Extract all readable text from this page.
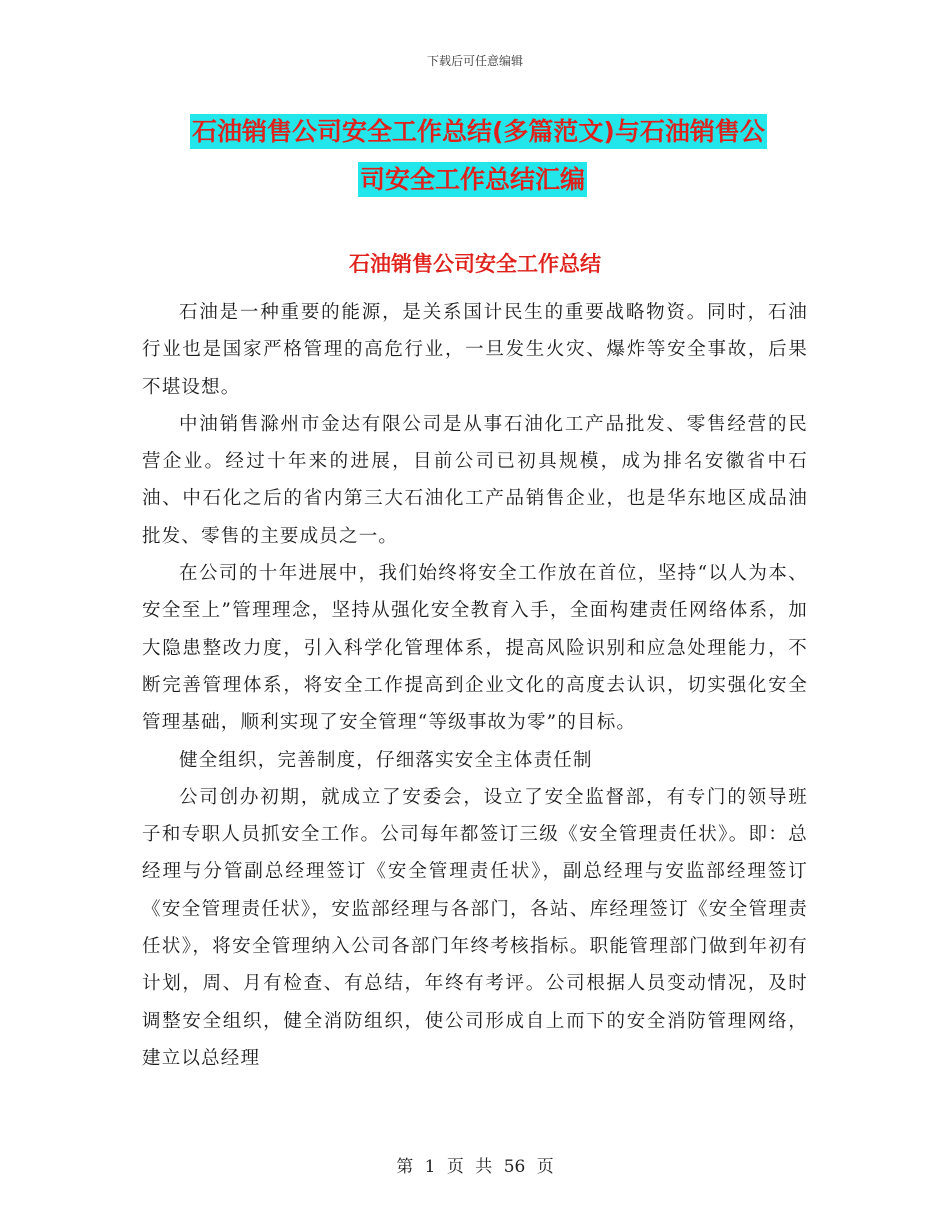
下载后可任意编辑
石油销售公司安全工作总结(多篇范文)与石油销售公
司安全工作总结汇编
石油销售公司安全工作总结

石油是一种重要的能源，是关系国计民生的重要战略物资。同时，石油行业也是国家严格管理的高危行业，一旦发生火灾、爆炸等安全事故，后果不堪设想。

中油销售滁州市金达有限公司是从事石油化工产品批发、零售经营的民营企业。经过十年来的进展，目前公司已初具规模，成为排名安徽省中石油、中石化之后的省内第三大石油化工产品销售企业，也是华东地区成品油批发、零售的主要成员之一。

在公司的十年进展中，我们始终将安全工作放在首位，坚持“以人为本、安全至上”管理理念，坚持从强化安全教育入手，全面构建责任网络体系，加大隐患整改力度，引入科学化管理体系，提高风险识别和应急处理能力，不断完善管理体系，将安全工作提高到企业文化的高度去认识，切实强化安全管理基础，顺利实现了安全管理“等级事故为零”的目标。

健全组织，完善制度，仔细落实安全主体责任制

公司创办初期，就成立了安委会，设立了安全监督部，有专门的领导班子和专职人员抓安全工作。公司每年都签订三级《安全管理责任状》。即：总经理与分管副总经理签订《安全管理责任状》，副总经理与安监部经理签订《安全管理责任状》，安监部经理与各部门，各站、库经理签订《安全管理责任状》，将安全管理纳入公司各部门年终考核指标。职能管理部门做到年初有计划，周、月有检查、有总结，年终有考评。公司根据人员变动情况，及时调整安全组织，健全消防组织，使公司形成自上而下的安全消防管理网络，建立以总经理

第 1 页 共 56 页
